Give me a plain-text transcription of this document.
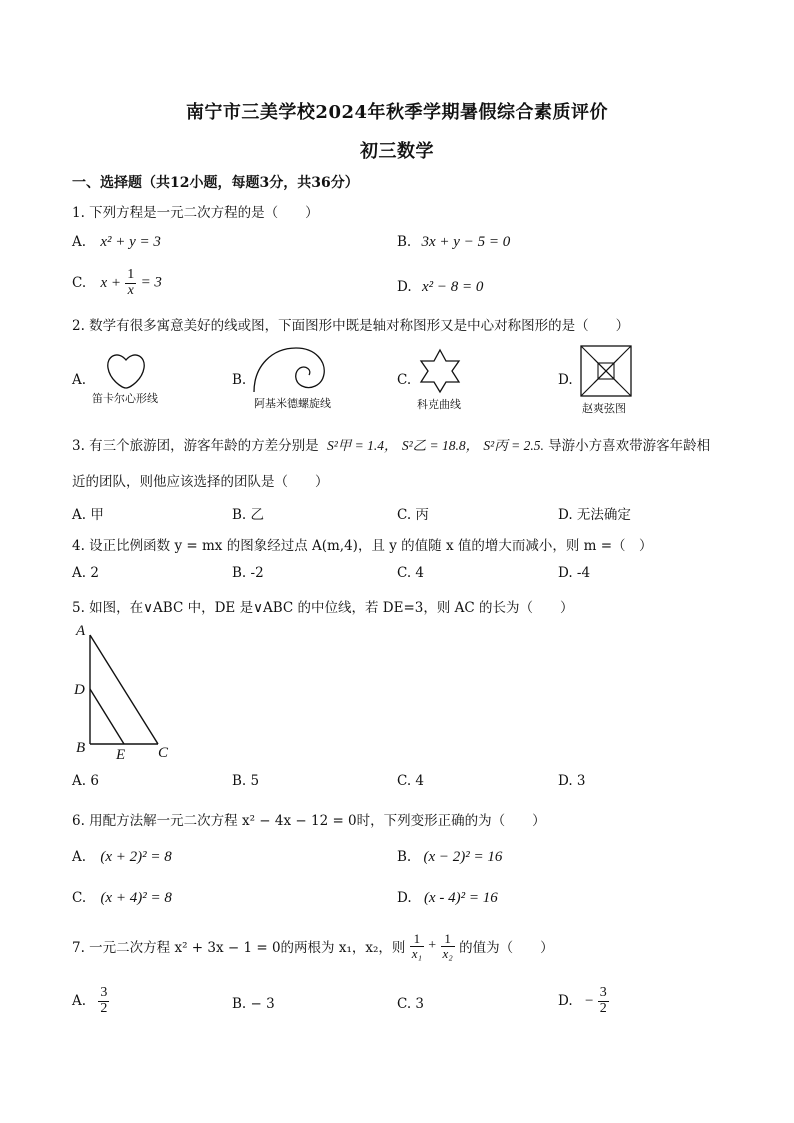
南宁市三美学校2024年秋季学期暑假综合素质评价
初三数学
一、选择题（共12小题，每题3分，共36分）
1. 下列方程是一元二次方程的是（　　）
A. x² + y = 3	B. 3x + y − 5 = 0
C. $x + \frac{1}{x} = 3$	D. x² − 8 = 0
2. 数学有很多寓意美好的线或图，下面图形中既是轴对称图形又是中心对称图形的是（　　）
A.
笛卡尔心形线
B.
阿基米德螺旋线
C.
科克曲线
D.
赵爽弦图
3. 有三个旅游团，游客年龄的方差分别是 S²甲 = 1.4， S²乙 = 18.8， S²丙 = 2.5. 导游小方喜欢带游客年龄相
近的团队，则他应该选择的团队是（　　）
A. 甲	B. 乙	C. 丙	D. 无法确定
4. 设正比例函数 y = mx 的图象经过点 A(m,4)，且 y 的值随 x 值的增大而减小，则 m =（　）
A. 2	B. -2	C. 4	D. -4
5. 如图，在∨ABC 中，DE 是∨ABC 的中位线，若 DE=3，则 AC 的长为（　　）
A
D
B E C
A. 6	B. 5	C. 4	D. 3
6. 用配方法解一元二次方程 x² − 4x − 12 = 0时，下列变形正确的为（　　）
A. (x + 2)² = 8	B. (x − 2)² = 16
C. (x + 4)² = 8	D. (x - 4)² = 16
7. 一元二次方程 x² + 3x − 1 = 0的两根为 x₁，x₂，则 $\frac{1}{\text{x₁}} + \frac{1}{\text{x₂}}$ 的值为（　　）
A. $\frac{3}{2}$	B. − 3	C. 3	D. − $\frac{3}{2}$
